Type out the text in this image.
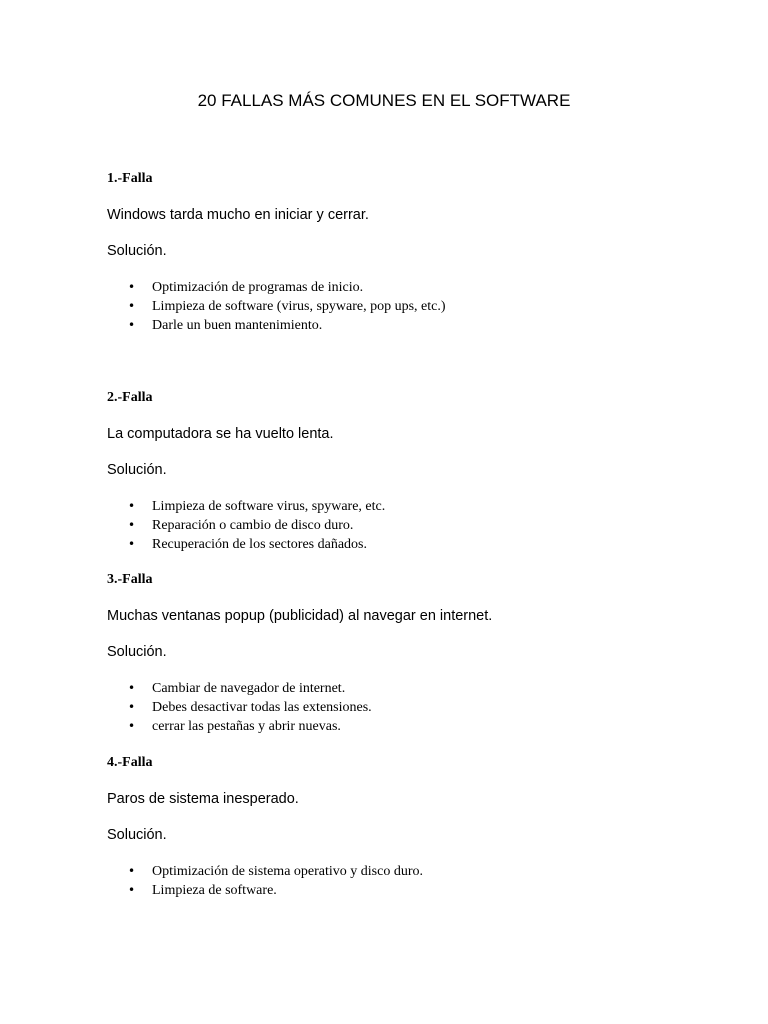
20 FALLAS MÁS COMUNES EN EL SOFTWARE

1.-Falla

Windows tarda mucho en iniciar y cerrar.

Solución.

• Optimización de programas de inicio.
• Limpieza de software (virus, spyware, pop ups, etc.)
• Darle un buen mantenimiento.

2.-Falla

La computadora se ha vuelto lenta.

Solución.

• Limpieza de software virus, spyware, etc.
• Reparación o cambio de disco duro.
• Recuperación de los sectores dañados.

3.-Falla

Muchas ventanas popup (publicidad) al navegar en internet.

Solución.

• Cambiar de navegador de internet.
• Debes desactivar todas las extensiones.
• cerrar las pestañas y abrir nuevas.

4.-Falla

Paros de sistema inesperado.

Solución.

• Optimización de sistema operativo y disco duro.
• Limpieza de software.
